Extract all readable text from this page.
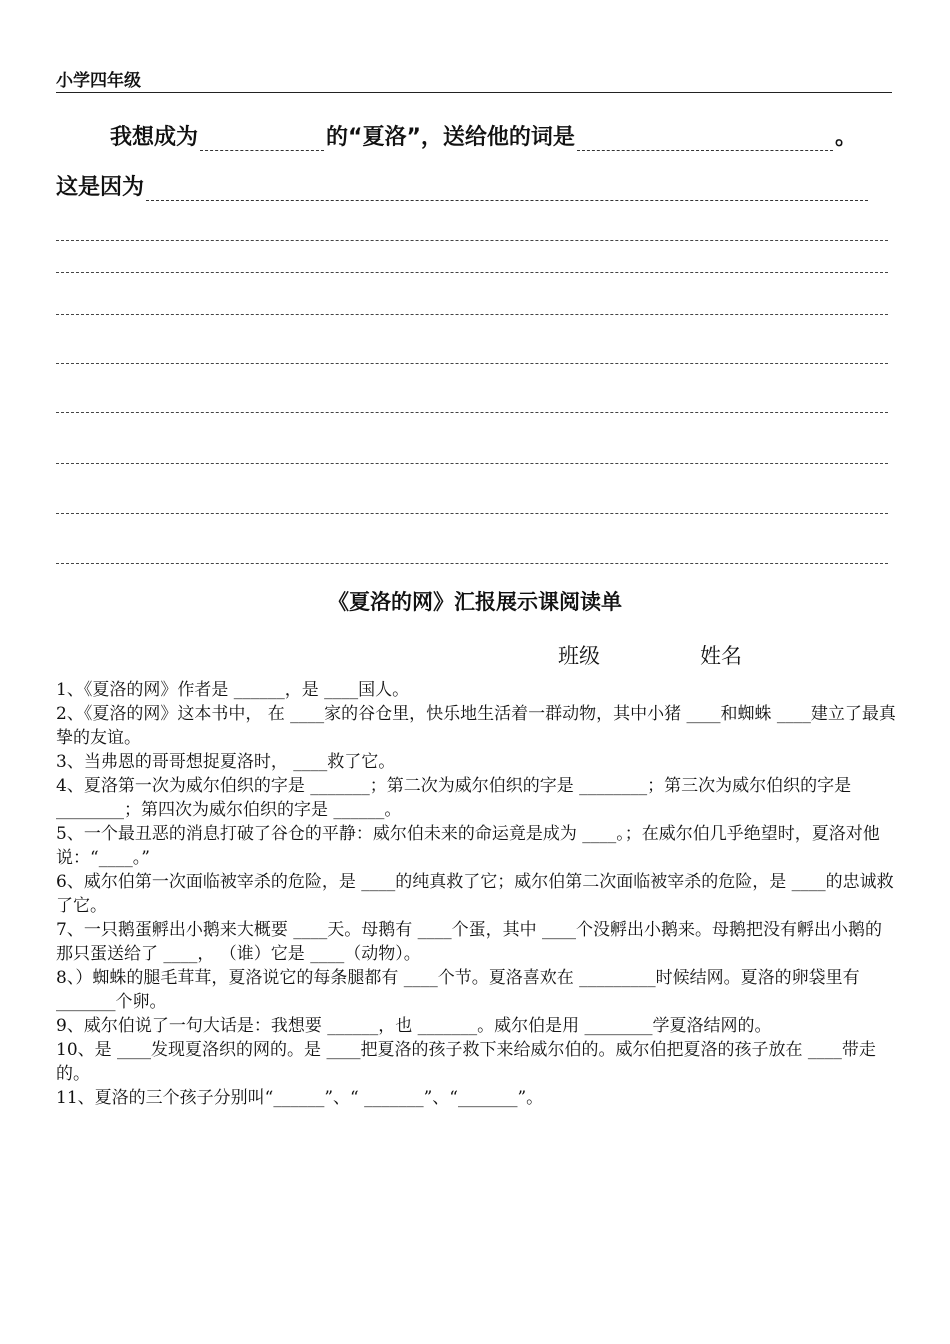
小学四年级
我想成为	的“夏洛”，送给他的词是	。
这是因为
《夏洛的网》汇报展示课阅读单
班级	姓名

1、《夏洛的网》作者是 ______，是 ____国人。

2、《夏洛的网》这本书中， 在 ____家的谷仓里，快乐地生活着一群动物，其中小猪 ____和蜘蛛 ____建立了最真挚的友谊。

3、当弗恩的哥哥想捉夏洛时， ____救了它。

4、夏洛第一次为威尔伯织的字是 _______；第二次为威尔伯织的字是 ________；第三次为威尔伯织的字是 ________；第四次为威尔伯织的字是 ______。

5、一个最丑恶的消息打破了谷仓的平静：威尔伯未来的命运竟是成为 ____。；在威尔伯几乎绝望时，夏洛对他说：“____。”

6、威尔伯第一次面临被宰杀的危险，是 ____的纯真救了它；威尔伯第二次面临被宰杀的危险，是 ____的忠诚救了它。

7、一只鹅蛋孵出小鹅来大概要 ____天。母鹅有 ____个蛋，其中 ____个没孵出小鹅来。母鹅把没有孵出小鹅的那只蛋送给了 ____， （谁）它是 ____（动物）。

8、）蜘蛛的腿毛茸茸，夏洛说它的每条腿都有 ____个节。夏洛喜欢在 _________时候结网。夏洛的卵袋里有 _______个卵。

9、威尔伯说了一句大话是：我想要 ______，也 _______。威尔伯是用 ________学夏洛结网的。

10、是 ____发现夏洛织的网的。是 ____把夏洛的孩子救下来给威尔伯的。威尔伯把夏洛的孩子放在 ____带走的。

11、夏洛的三个孩子分别叫“______”、“ _______”、“_______”。
